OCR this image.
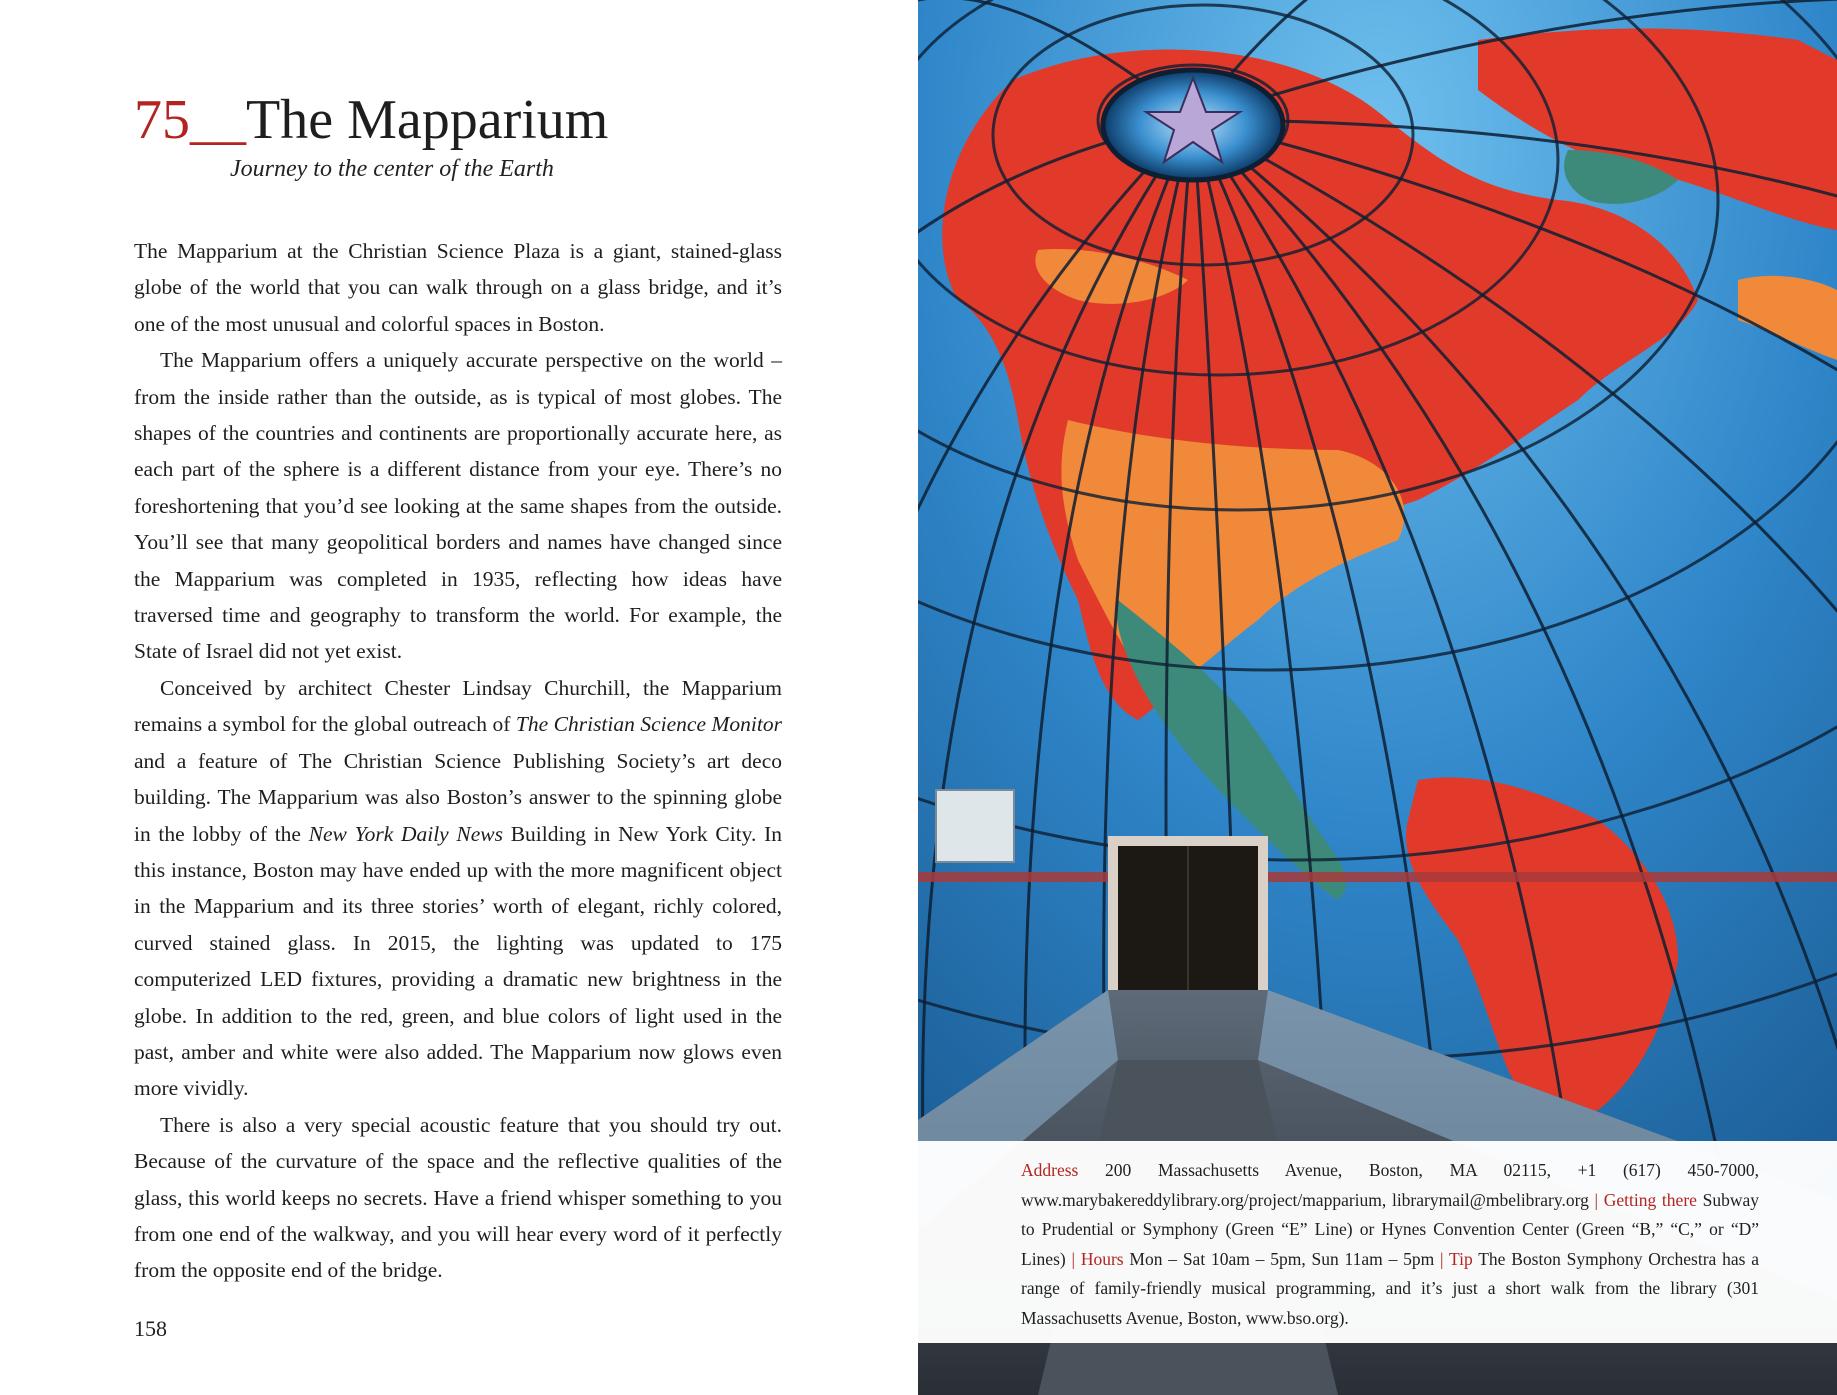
75__The Mapparium
Journey to the center of the Earth

The Mapparium at the Christian Science Plaza is a giant, stained-glass globe of the world that you can walk through on a glass bridge, and it’s one of the most unusual and colorful spaces in Boston.

The Mapparium offers a uniquely accurate perspective on the world – from the inside rather than the outside, as is typical of most globes. The shapes of the countries and continents are proportionally accurate here, as each part of the sphere is a different distance from your eye. There’s no foreshortening that you’d see looking at the same shapes from the outside. You’ll see that many geopolitical borders and names have changed since the Mapparium was completed in 1935, reflecting how ideas have traversed time and geography to transform the world. For example, the State of Israel did not yet exist.

Conceived by architect Chester Lindsay Churchill, the Mapparium remains a symbol for the global outreach of The Christian Science Monitor and a feature of The Christian Science Publishing Society’s art deco building. The Mapparium was also Boston’s answer to the spinning globe in the lobby of the New York Daily News Building in New York City. In this instance, Boston may have ended up with the more magnificent object in the Mapparium and its three stories’ worth of elegant, richly colored, curved stained glass. In 2015, the lighting was updated to 175 computerized LED fixtures, providing a dramatic new brightness in the globe. In addition to the red, green, and blue colors of light used in the past, amber and white were also added. The Mapparium now glows even more vividly.

There is also a very special acoustic feature that you should try out. Because of the curvature of the space and the reflective qualities of the glass, this world keeps no secrets. Have a friend whisper something to you from one end of the walkway, and you will hear every word of it perfectly from the opposite end of the bridge.

158
Address 200 Massachusetts Avenue, Boston, MA 02115, +1 (617) 450-7000, www.marybakereddylibrary.org/project/mapparium, librarymail@mbelibrary.org | Getting there Subway to Prudential or Symphony (Green “E” Line) or Hynes Convention Center (Green “B,” “C,” or “D” Lines) | Hours Mon – Sat 10am – 5pm, Sun 11am – 5pm | Tip The Boston Symphony Orchestra has a range of family-friendly musical programming, and it’s just a short walk from the library (301 Massachusetts Avenue, Boston, www.bso.org).
